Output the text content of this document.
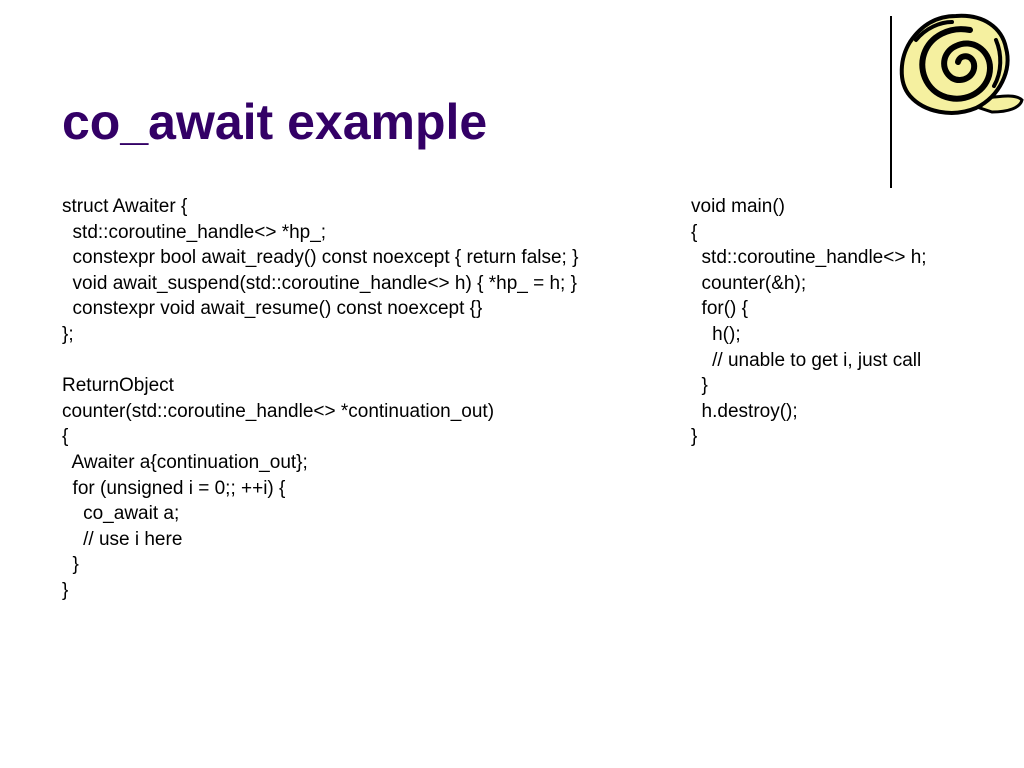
co_await example
struct Awaiter {
std::coroutine_handle<> *hp_;
constexpr bool await_ready() const noexcept { return false; }
void await_suspend(std::coroutine_handle<> h) { *hp_ = h; }
constexpr void await_resume() const noexcept {}
};

ReturnObject
counter(std::coroutine_handle<> *continuation_out)
{
Awaiter a{continuation_out};
for (unsigned i = 0;; ++i) {
co_await a;
// use i here
}
}
void main()
{
std::coroutine_handle<> h;
counter(&h);
for() {
h();
// unable to get i, just call
}
h.destroy();
}
